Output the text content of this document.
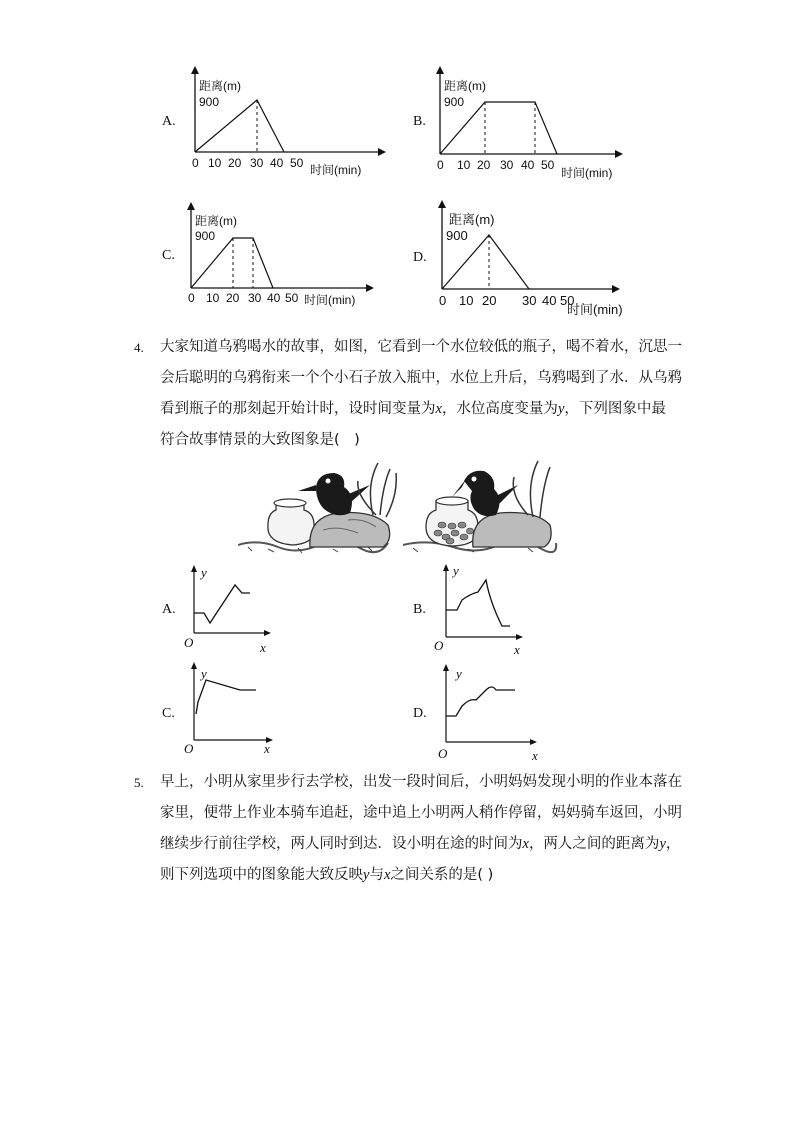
A.
距离(m)
900
0 10 20 30 40 50 时间(min)
B.
距离(m)
900
0 10 20 30 40 50
时间(min)
C.
距离(m)
900
0 10 20 30 40 50 时间(min)
D.
距离(m)
900
0 10 20 30 40 50
时间(min)
4. 大家知道乌鸦喝水的故事，如图，它看到一个水位较低的瓶子，喝不着水，沉思一
会后聪明的乌鸦衔来一个个小石子放入瓶中，水位上升后，乌鸦喝到了水．从乌鸦
看到瓶子的那刻起开始计时，设时间变量为x，水位高度变量为y，下列图象中最
符合故事情景的大致图象是(　)
A.
y
O	x
B.
y
O	x
C.
y
O	x
D.
y
O	x
5. 早上，小明从家里步行去学校，出发一段时间后，小明妈妈发现小明的作业本落在
家里，便带上作业本骑车追赶，途中追上小明两人稍作停留，妈妈骑车返回，小明
继续步行前往学校，两人同时到达．设小明在途的时间为x，两人之间的距离为y，
则下列选项中的图象能大致反映y与x之间关系的是( )
